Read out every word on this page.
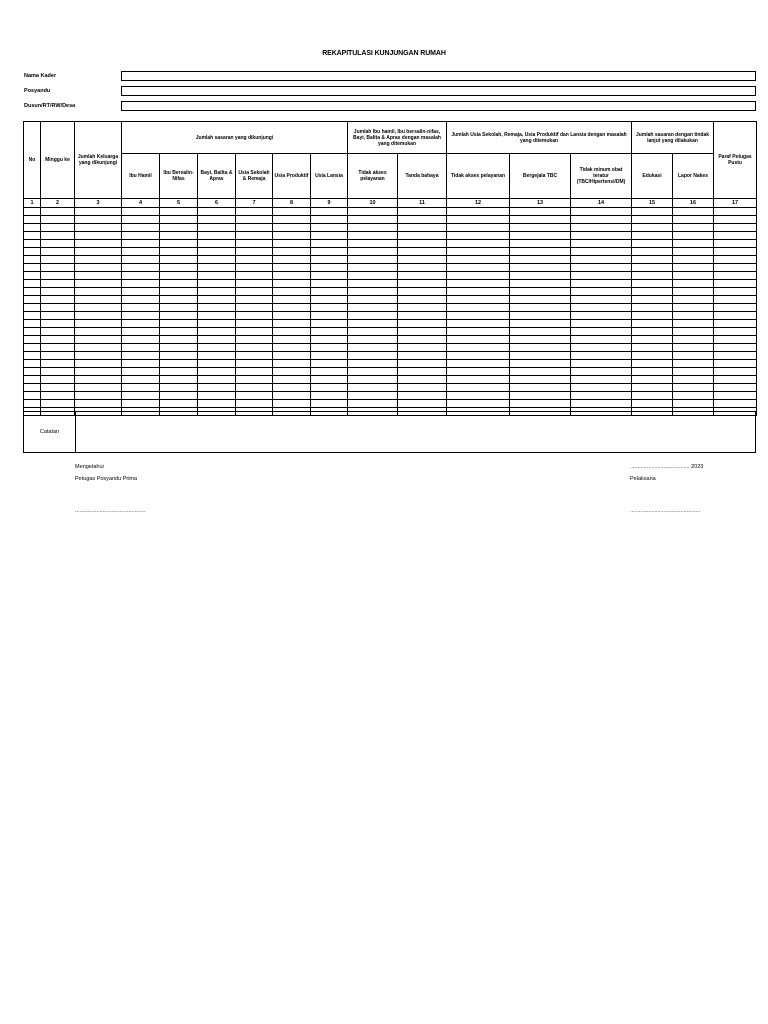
REKAPITULASI KUNJUNGAN RUMAH
Nama Kader
Posyandu
Dusun/RT/RW/Desa
No	Minggu ke	Jumlah Keluarga yang dikunjungi	Jumlah sasaran yang dikunjungi						Jumlah Ibu hamil, Ibu bersalin-nifas, Bayi, Balita & Apras dengan masalah yang ditemukan		Jumlah Usia Sekolah, Remaja, Usia Produktif dan Lansia dengan masalah yang ditemukan			Jumlah sasaran dengan tindak lanjut yang dilakukan		Paraf Petugas Pustu
			Ibu Hamil	Ibu Bersalin-Nifas	Bayi, Balita & Apras	Usia Sekolah & Remaja	Usia Produktif	Usia Lansia	Tidak akses pelayanan	Tanda bahaya	Tidak akses pelayanan	Bergejala TBC	Tidak minum obat teratur (TBC/Hipertensi/DM)	Edukasi	Lapor Nakes	
1	2	3	4	5	6	7	8	9	10	11	12	13	14	15	16	17

Catatan
Mengetahui
Petugas Posyandu Prima
..............................................
....................................... 2023
Pelaksana
..............................................
